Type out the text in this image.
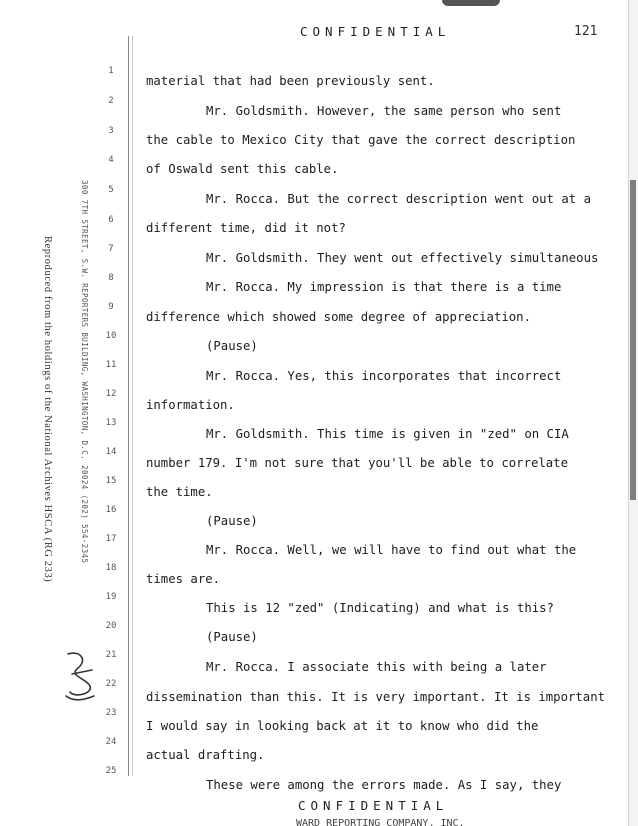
CONFIDENTIAL	121
Reproduced from the holdings of the National Archives HSCA (RG 233)	300 7TH STREET, S.W. REPORTERS BUILDING, WASHINGTON, D.C. 20024 (202) 554-2345
1
2
3
4
5
6
7
8
9
10
11
12
13
14
15
16
17
18
19
20
21
22
23
24
25
material that had been previously sent.
Mr. Goldsmith. However, the same person who sent
the cable to Mexico City that gave the correct description
of Oswald sent this cable.
Mr. Rocca. But the correct description went out at a
different time, did it not?
Mr. Goldsmith. They went out effectively simultaneous
Mr. Rocca. My impression is that there is a time
difference which showed some degree of appreciation.
(Pause)
Mr. Rocca. Yes, this incorporates that incorrect
information.
Mr. Goldsmith. This time is given in "zed" on CIA
number 179. I'm not sure that you'll be able to correlate
the time.
(Pause)
Mr. Rocca. Well, we will have to find out what the
times are.
This is 12 "zed" (Indicating) and what is this?
(Pause)
Mr. Rocca. I associate this with being a later
dissemination than this. It is very important. It is important
I would say in looking back at it to know who did the
actual drafting.
These were among the errors made. As I say, they
CONFIDENTIAL
WARD REPORTING COMPANY, INC.
